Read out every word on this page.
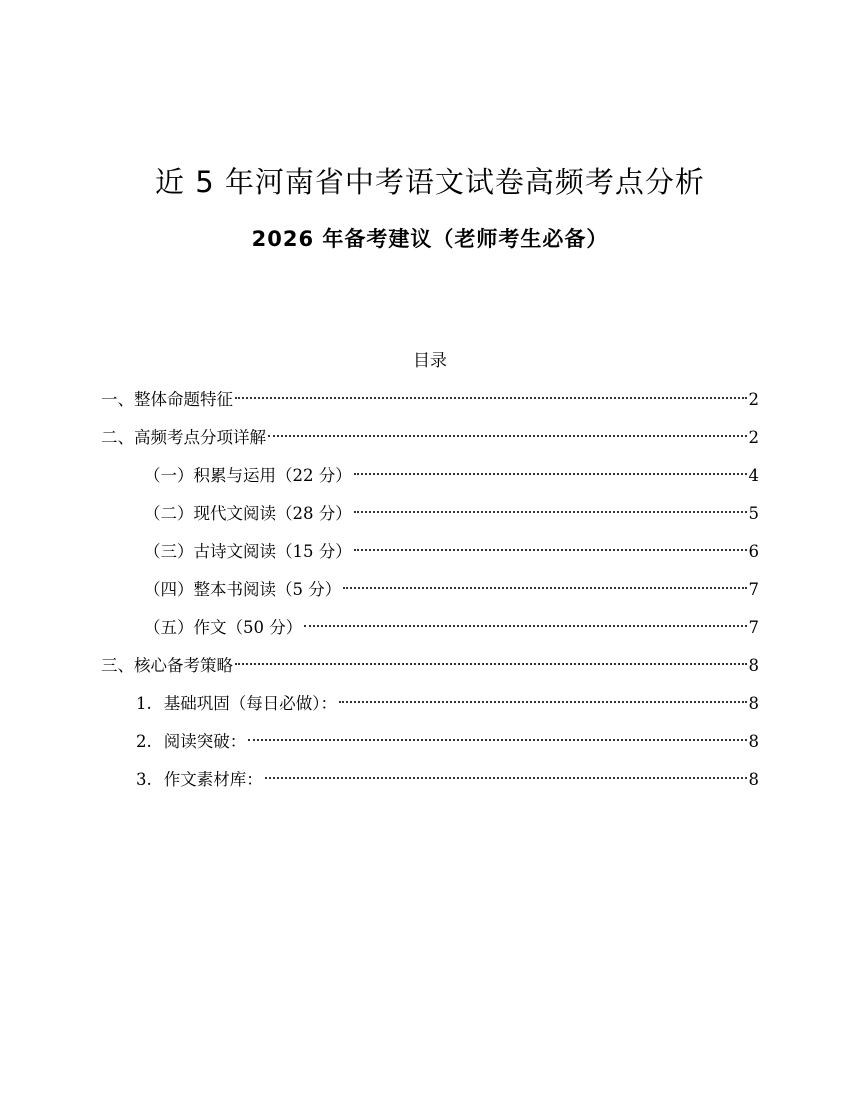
近 5 年河南省中考语文试卷高频考点分析
2026 年备考建议（老师考生必备）
目录
一、整体命题特征	2
二、高频考点分项详解	2
（一）积累与运用（22 分）	4
（二）现代文阅读（28 分）	5
（三）古诗文阅读（15 分）	6
（四）整本书阅读（5 分）	7
（五）作文（50 分）	7
三、核心备考策略	8
1. 基础巩固（每日必做）：	8
2. 阅读突破：	8
3. 作文素材库：	8
